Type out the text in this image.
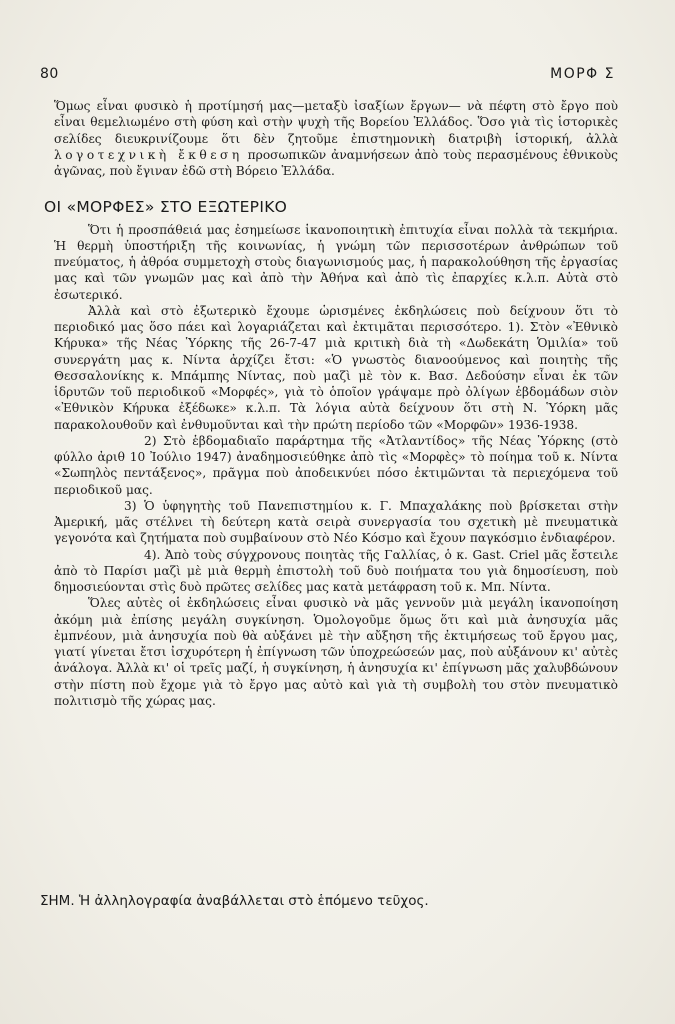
80	ΜΟΡΦ Σ

Ὅμως εἶναι φυσικὸ ἡ προτίμησή μας—μεταξὺ ἰσαξίων ἔργων— νὰ πέφτη στὸ ἔργο ποὺ εἶναι θεμελιωμένο στὴ φύση καὶ στὴν ψυχὴ τῆς Βορείου Ἑλλάδος. Ὅσο γιὰ τὶς ἱστορικὲς σελίδες διευκρινίζουμε ὅτι δὲν ζητοῦμε ἐπιστημονικὴ διατριβὴ ἱστορική, ἀλλὰ λογοτεχνικὴ ἔκθεση προσωπικῶν ἀναμνήσεων ἀπὸ τοὺς περασμένους ἐθνικοὺς ἀγῶνας, ποὺ ἔγιναν ἐδῶ στὴ Βόρειο Ἑλλάδα.

ΟΙ «ΜΟΡΦΕΣ» ΣΤΟ ΕΞΩΤΕΡΙΚΟ

Ὅτι ἡ προσπάθειά μας ἐσημείωσε ἱκανοποιητικὴ ἐπιτυχία εἶναι πολλὰ τὰ τεκμήρια. Ἡ θερμὴ ὑποστήριξη τῆς κοινωνίας, ἡ γνώμη τῶν περισσοτέρων ἀνθρώπων τοῦ πνεύματος, ἡ ἀθρόα συμμετοχὴ στοὺς διαγωνισμούς μας, ἡ παρακολούθηση τῆς ἐργασίας μας καὶ τῶν γνωμῶν μας καὶ ἀπὸ τὴν Ἀθήνα καὶ ἀπὸ τὶς ἐπαρχίες κ.λ.π. Αὐτὰ στὸ ἐσωτερικό.

Ἀλλὰ καὶ στὸ ἐξωτερικὸ ἔχουμε ὡρισμένες ἐκδηλώσεις ποὺ δείχνουν ὅτι τὸ περιοδικό μας ὅσο πάει καὶ λογαριάζεται καὶ ἐκτιμᾶται περισσότερο. 1). Στὸν «Ἐθνικὸ Κήρυκα» τῆς Νέας Ὑόρκης τῆς 26-7-47 μιὰ κριτικὴ διὰ τὴ «Δωδεκάτη Ὁμιλία» τοῦ συνεργάτη μας κ. Νίντα ἀρχίζει ἔτσι: «Ὁ γνωστὸς διανοούμενος καὶ ποιητὴς τῆς Θεσσαλονίκης κ. Μπάμπης Νίντας, ποὺ μαζὶ μὲ τὸν κ. Βασ. Δεδούσην εἶναι ἐκ τῶν ἱδρυτῶν τοῦ περιοδικοῦ «Μορφές», γιὰ τὸ ὁποῖον γράψαμε πρὸ ὀλίγων ἑβδομάδων σιὸν «Ἐθνικὸν Κήρυκα ἐξέδωκε» κ.λ.π. Τὰ λόγια αὐτὰ δείχνουν ὅτι στὴ Ν. Ὑόρκη μᾶς παρακολουθοῦν καὶ ἐνθυμοῦνται καὶ τὴν πρώτη περίοδο τῶν «Μορφῶν» 1936-1938.

2) Στὸ ἑβδομαδιαῖο παράρτημα τῆς «Ἀτλαντίδος» τῆς Νέας Ὑόρκης (στὸ φύλλο ἀριθ 10 Ἰούλιο 1947) ἀναδημοσιεύθηκε ἀπὸ τὶς «Μορφὲς» τὸ ποίημα τοῦ κ. Νίντα «Σωπηλὸς πεντάξενος», πρᾶγμα ποὺ ἀποδεικνύει πόσο ἐκτιμῶνται τὰ περιεχόμενα τοῦ περιοδικοῦ μας.

3) Ὁ ὑφηγητὴς τοῦ Πανεπιστημίου κ. Γ. Μπαχαλάκης ποὺ βρίσκεται στὴν Ἀμερική, μᾶς στέλνει τὴ δεύτερη κατὰ σειρὰ συνεργασία του σχετικὴ μὲ πνευματικὰ γεγονότα καὶ ζητήματα ποὺ συμβαίνουν στὸ Νέο Κόσμο καὶ ἔχουν παγκόσμιο ἐνδιαφέρον.

4). Ἀπὸ τοὺς σύγχρονους ποιητὰς τῆς Γαλλίας, ὁ κ. Gast. Criel μᾶς ἔστειλε ἀπὸ τὸ Παρίσι μαζὶ μὲ μιὰ θερμὴ ἐπιστολὴ τοῦ δυὸ ποιήματα του γιὰ δημοσίευση, ποὺ δημοσιεύονται στὶς δυὸ πρῶτες σελίδες μας κατὰ μετάφραση τοῦ κ. Μπ. Νίντα.

Ὅλες αὐτὲς οἱ ἐκδηλώσεις εἶναι φυσικὸ νὰ μᾶς γεννοῦν μιὰ μεγάλη ἱκανοποίηση ἀκόμη μιὰ ἐπίσης μεγάλη συγκίνηση. Ὁμολογοῦμε ὅμως ὅτι καὶ μιὰ ἀνησυχία μᾶς ἐμπνέουν, μιὰ ἀνησυχία ποὺ θὰ αὐξάνει μὲ τὴν αὔξηση τῆς ἐκτιμήσεως τοῦ ἔργου μας, γιατί γίνεται ἔτσι ἰσχυρότερη ἡ ἐπίγνωση τῶν ὑποχρεώσεών μας, ποὺ αὐξάνουν κι' αὐτὲς ἀνάλογα. Ἀλλὰ κι' οἱ τρεῖς μαζί, ἡ συγκίνηση, ἡ ἀνησυχία κι' ἐπίγνωση μᾶς χαλυβδώνουν στὴν πίστη ποὺ ἔχομε γιὰ τὸ ἔργο μας αὐτὸ καὶ γιὰ τὴ συμβολὴ του στὸν πνευματικὸ πολιτισμὸ τῆς χώρας μας.

ΣΗΜ. Ἡ ἀλληλογραφία ἀναβάλλεται στὸ ἑπόμενο τεῦχος.
